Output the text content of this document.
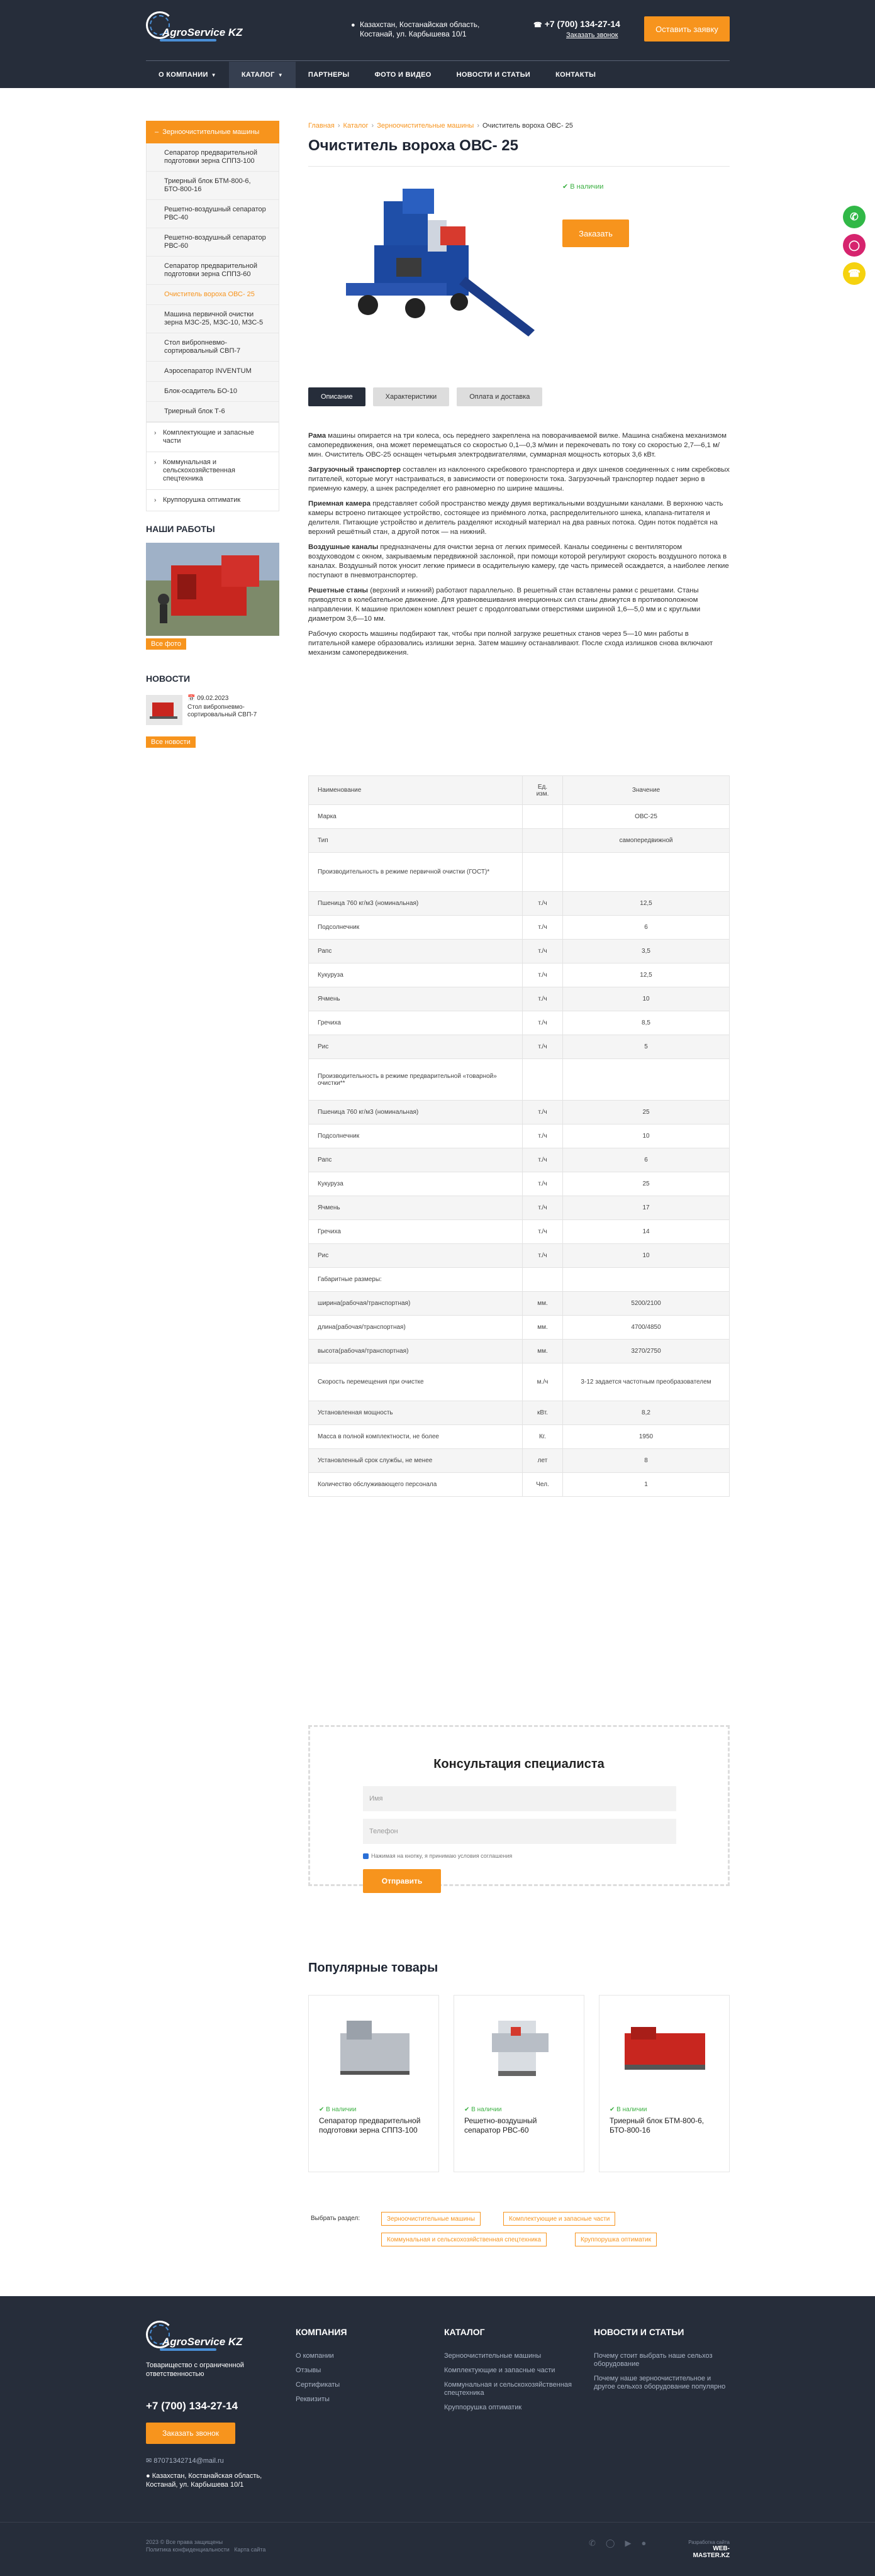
AgroService KZ
● Казахстан, Костанайская область,
Костанай, ул. Карбышева 10/1
☎ +7 (700) 134-27-14
Заказать звонок
Оставить заявку
О КОМПАНИИ ▼	КАТАЛОГ ▼	ПАРТНЕРЫ	ФОТО И ВИДЕО	НОВОСТИ И СТАТЬИ	КОНТАКТЫ
– Зерноочистительные машины
Сепаратор предварительной подготовки зерна СППЗ-100
Триерный блок БТМ-800-6, БТО-800-16
Решетно-воздушный сепаратор РВС-40
Решетно-воздушный сепаратор РВС-60
Сепаратор предварительной подготовки зерна СППЗ-60
Очиститель вороха ОВС- 25
Машина первичной очистки зерна МЗС-25, МЗС-10, МЗС-5
Стол вибропневмо-сортировальный СВП-7
Аэросепаратор INVENTUM
Блок-осадитель БО-10
Триерный блок Т-6
› Комплектующие и запасные части
› Коммунальная и сельскохозяйственная спецтехника
› Круппорушка оптиматик
НАШИ РАБОТЫ
Все фото
НОВОСТИ
📅 09.02.2023
Стол вибропневмо-сортировальный СВП-7
Все новости
Главная › Каталог › Зерноочистительные машины › Очиститель вороха ОВС- 25
Очиститель вороха ОВС- 25
✔ В наличии
Заказать
Описание	Характеристики	Оплата и доставка

Рама машины опирается на три колеса, ось переднего закреплена на поворачиваемой вилке. Машина снабжена механизмом самопередвижения, она может перемещаться со скоростью 0,1—0,3 м/мин и перекочевать по току со скоростью 2,7—6,1 м/мин. Очиститель ОВС-25 оснащен четырьмя электродвигателями, суммарная мощность которых 3,6 кВт.

Загрузочный транспортер составлен из наклонного скребкового транспортера и двух шнеков соединенных с ним скребковых питателей, которые могут настраиваться, в зависимости от поверхности тока. Загрузочный транспортер подает зерно в приемную камеру, а шнек распределяет его равномерно по ширине машины.

Приемная камера представляет собой пространство между двумя вертикальными воздушными каналами. В верхнюю часть камеры встроено питающее устройство, состоящее из приёмного лотка, распределительного шнека, клапана-питателя и делителя. Питающие устройство и делитель разделяют исходный материал на два равных потока. Один поток подаётся на верхний решётный стан, а другой поток — на нижний.

Воздушные каналы предназначены для очистки зерна от легких примесей. Каналы соединены с вентилятором воздуховодом с окном, закрываемым передвижной заслонкой, при помощи которой регулируют скорость воздушного потока в каналах. Воздушный поток уносит легкие примеси в осадительную камеру, где часть примесей осаждается, а наиболее легкие поступают в пневмотранспортер.

Решетные станы (верхний и нижний) работают параллельно. В решетный стан вставлены рамки с решетами. Станы приводятся в колебательное движение. Для уравновешивания инерционных сил станы движутся в противоположном направлении. К машине приложен комплект решет с продолговатыми отверстиями шириной 1,6—5,0 мм и с круглыми диаметром 3,6—10 мм.

Рабочую скорость машины подбирают так, чтобы при полной загрузке решетных станов через 5—10 мин работы в питательной камере образовались излишки зерна. Затем машину останавливают. После схода излишков снова включают механизм самопередвижения.

Наименование	Ед. изм.	Значение
Марка		ОВС-25
Тип		самопередвижной
Производительность в режиме первичной очистки (ГОСТ)*		
Пшеница 760 кг/м3 (номинальная)	т./ч	12,5
Подсолнечник	т./ч	6
Рапс	т./ч	3,5
Кукуруза	т./ч	12,5
Ячмень	т./ч	10
Гречиха	т./ч	8,5
Рис	т./ч	5
Производительность в режиме предварительной «товарной» очистки**		
Пшеница 760 кг/м3 (номинальная)	т./ч	25
Подсолнечник	т./ч	10
Рапс	т./ч	6
Кукуруза	т./ч	25
Ячмень	т./ч	17
Гречиха	т./ч	14
Рис	т./ч	10
Габаритные размеры:		
ширина(рабочая/транспортная)	мм.	5200/2100
длина(рабочая/транспортная)	мм.	4700/4850
высота(рабочая/транспортная)	мм.	3270/2750
Скорость перемещения при очистке	м./ч	3-12 задается частотным преобразователем
Установленная мощность	кВт.	8,2
Масса в полной комплектности, не более	Кг.	1950
Установленный срок службы, не менее	лет	8
Количество обслуживающего персонала	Чел.	1
Консультация специалиста
Имя
Телефон
Нажимая на кнопку, я принимаю условия соглашения
Отправить
Популярные товары
✔ В наличии
Сепаратор предварительной подготовки зерна СППЗ-100
✔ В наличии
Решетно-воздушный сепаратор РВС-60
✔ В наличии
Триерный блок БТМ-800-6, БТО-800-16
Выбрать раздел:	Зерноочистительные машины	Комплектующие и запасные части
Коммунальная и сельскохозяйственная спецтехника	Круппорушка оптиматик
AgroService KZ
Товарищество с ограниченной ответственностью
+7 (700) 134-27-14
Заказать звонок
✉ 87071342714@mail.ru
● Казахстан, Костанайская область, Костанай, ул. Карбышева 10/1
КОМПАНИЯ
О компании
Отзывы
Сертификаты
Реквизиты
КАТАЛОГ
Зерноочистительные машины
Комплектующие и запасные части
Коммунальная и сельскохозяйственная спецтехника
Круппорушка оптиматик
НОВОСТИ И СТАТЬИ
Почему стоит выбрать наше сельхоз оборудование
Почему наше зерноочистительное и другое сельхоз оборудование популярно
2023 © Все права защищены
Политика конфиденциальности Карта сайта
✆ ◯ ▶ ●	Разработка сайта
WEB-MASTER.KZ
✆
◯
☎
